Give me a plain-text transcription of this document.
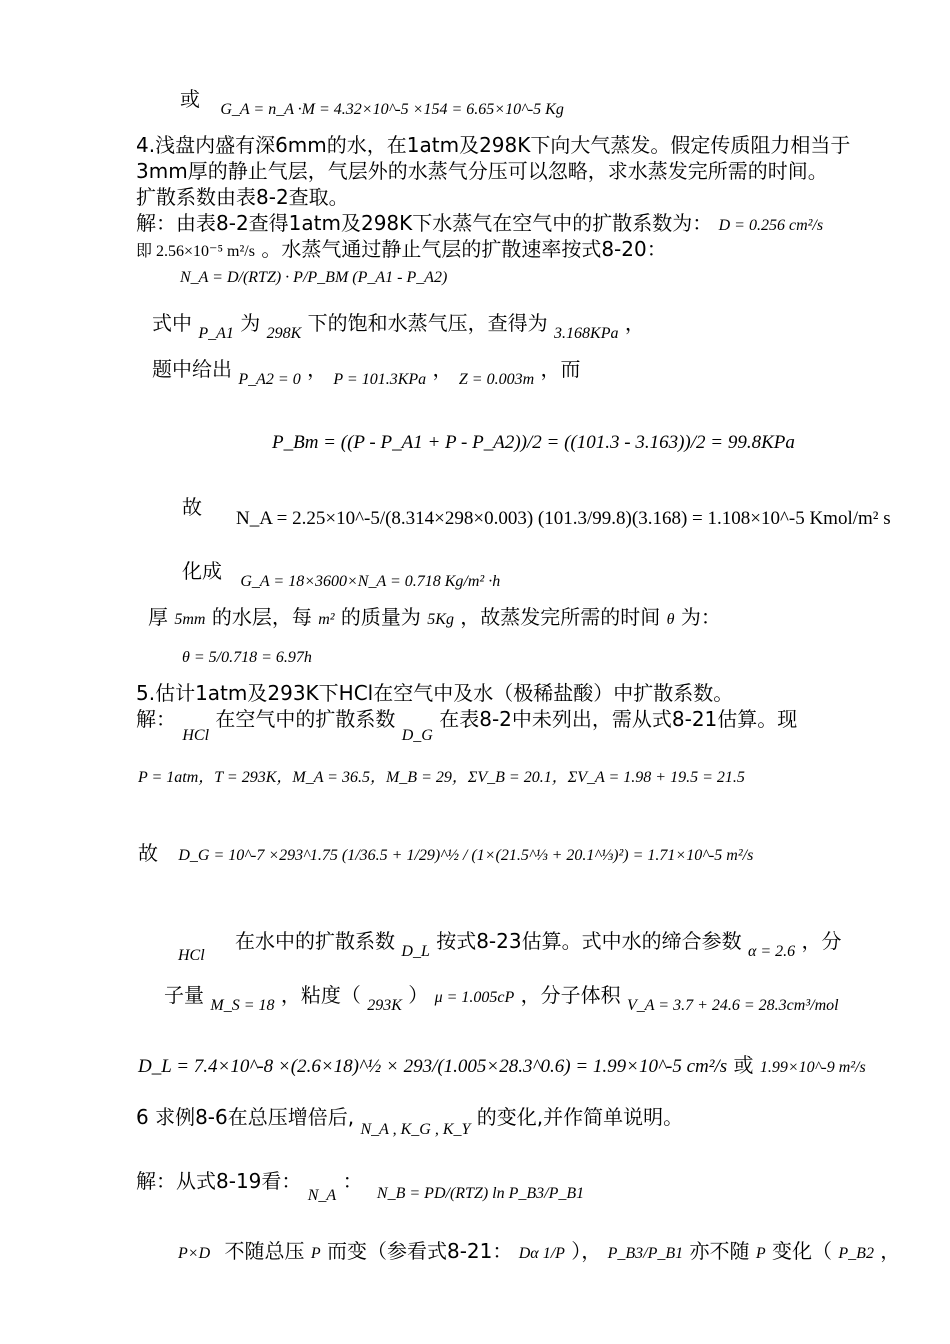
或 $_{G\_A = n\_A \cdot M = 4.32\times 10\^{}-5 \times 154 = 6.65\times 10\^{}-5 Kg}$
4.浅盘内盛有深6mm的水，在1atm及298K下向大气蒸发。假定传质阻力相当于
3mm厚的静止气层，气层外的水蒸气分压可以忽略，求水蒸发完所需的时间。
扩散系数由表8-2查取。
解：由表8-2查得1atm及298K下水蒸气在空气中的扩散系数为： D = 0.256 cm²/s
即 2.56×10⁻⁵ m²/s 。水蒸气通过静止气层的扩散速率按式8-20：
N_A = D/(RTZ) · P/P_BM (P_A1 - P_A2)
式中 $_{P\_A1}$ 为 $_{298K}$ 下的饱和水蒸气压，查得为 $_{3.168KPa}$ ，
题中给出 $_{P\_A2 = 0}$ ， $_{P = 101.3KPa}$ ， $_{Z = 0.003m}$ ，而
P_Bm = ((P - P_A1 + P - P_A2))/2 = ((101.3 - 3.163))/2 = 99.8KPa
故 N_A = 2.25×10^-5/(8.314×298×0.003) (101.3/99.8)(3.168) = 1.108×10^-5 Kmol/m² s
化成 $_{G\_A = 18\times 3600\times N\_A = 0.718 Kg/m^2 \cdot h}$
厚 5mm 的水层，每 m² 的质量为 5Kg ，故蒸发完所需的时间 θ 为：
θ = 5/0.718 = 6.97h
5.估计1atm及293K下HCl在空气中及水（极稀盐酸）中扩散系数。
解： $_{HCl}$ 在空气中的扩散系数 $_{D\_G}$ 在表8-2中未列出，需从式8-21估算。现
P = 1atm，T = 293K，M_A = 36.5，M_B = 29，ΣV_B = 20.1，ΣV_A = 1.98 + 19.5 = 21.5
故 D_G = 10^-7 ×293^1.75 (1/36.5 + 1/29)^½ / (1×(21.5^⅓ + 20.1^⅓)²) = 1.71×10^-5 m²/s
$_{HCl}$ 在水中的扩散系数 $_{D\_L}$ 按式8-23估算。式中水的缔合参数 $_{\alpha = 2.6}$ ，分
子量 $_{M\_S = 18}$ ，粘度（ $_{293K}$ ） μ = 1.005cP ，分子体积 $_{V\_A = 3.7 + 24.6 = 28.3cm^3/mol}$
D_L = 7.4×10^-8 ×(2.6×18)^½ × 293/(1.005×28.3^0.6) = 1.99×10^-5 cm²/s 或 1.99×10^-9 m²/s
6 求例8-6在总压增倍后, $_{N\_A , K\_G , K\_Y}$ 的变化,并作简单说明。
解：从式8-19看： $_{N\_A}$ ： $_{N\_B = PD/(RTZ) ln P\_B3/P\_B1}$
P×D 不随总压 P 而变（参看式8-21： Dα 1/P ）， P_B3/P_B1 亦不随 P 变化（ P_B2 ，
